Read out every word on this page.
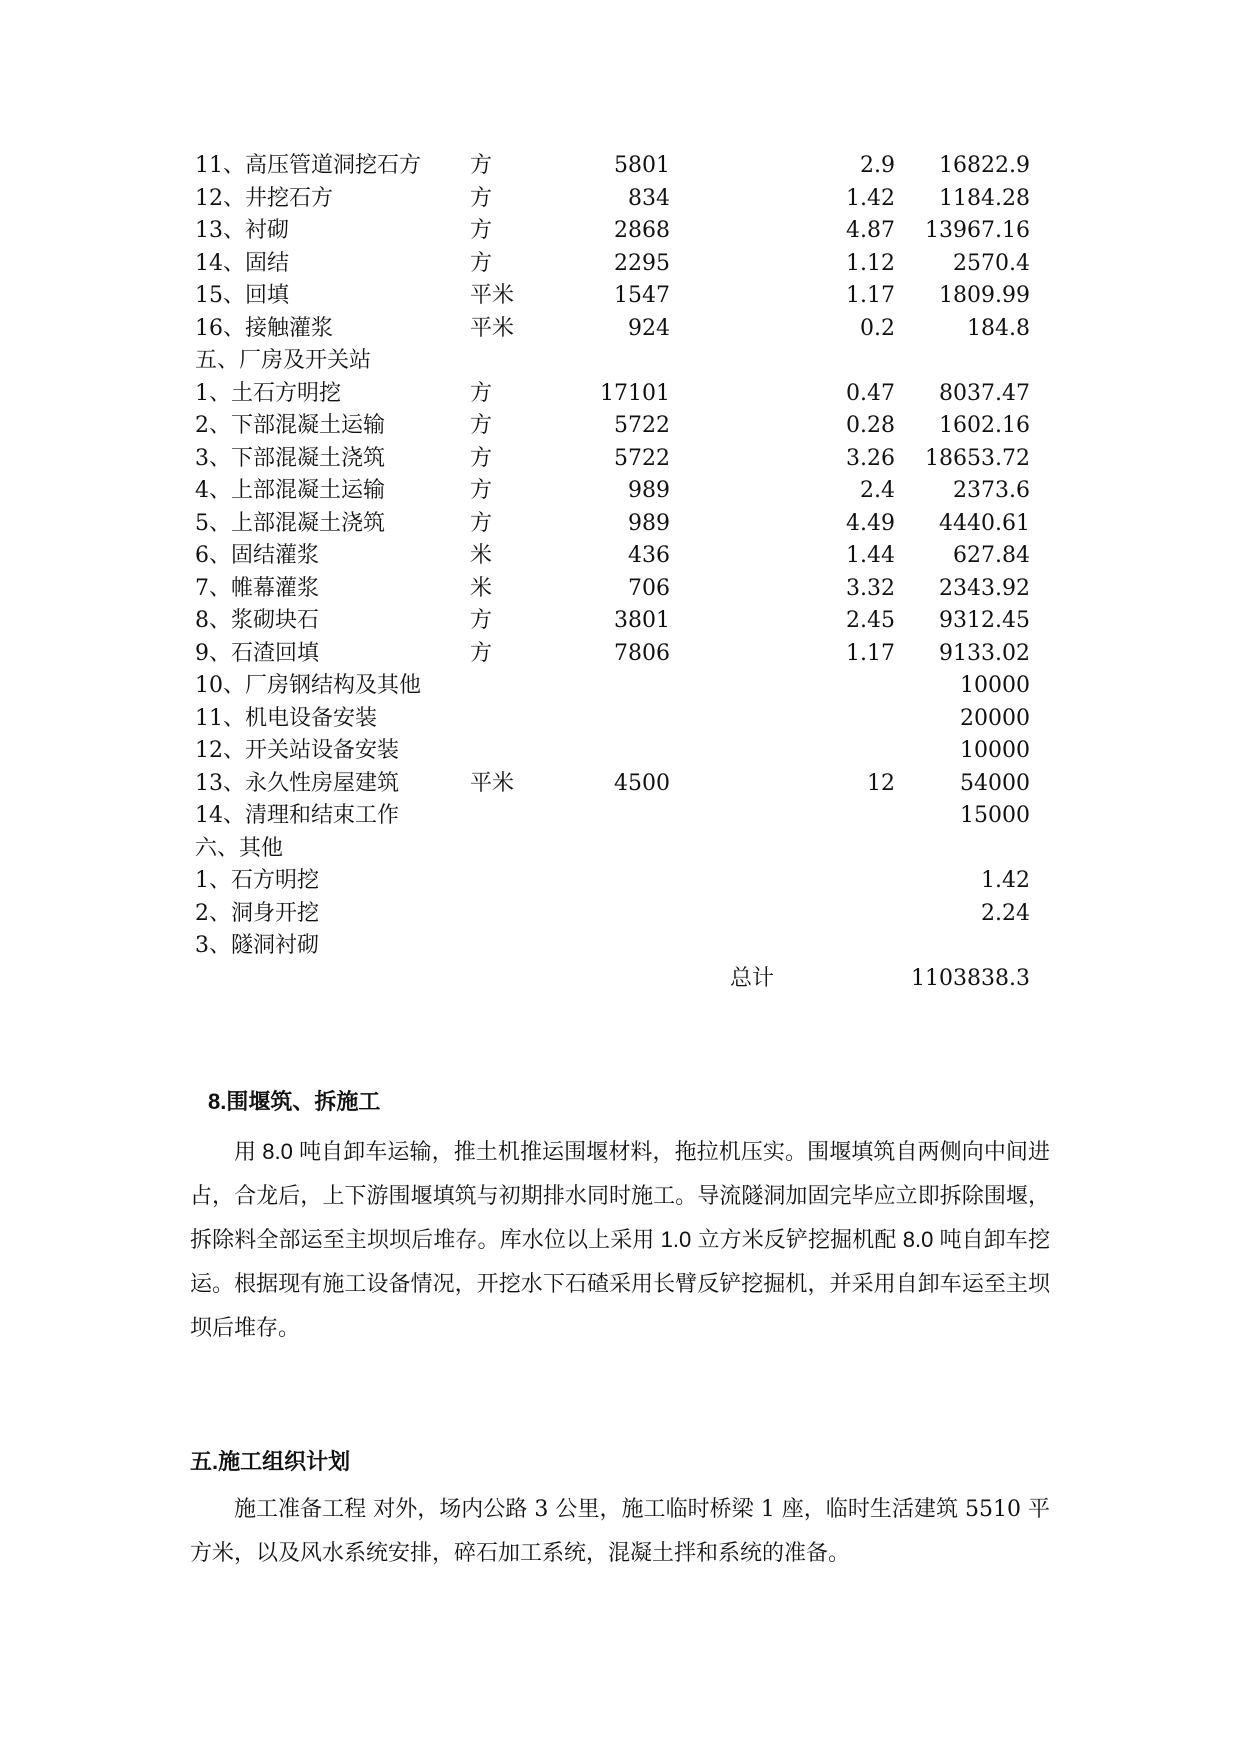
11、高压管道洞挖石方	方	5801	2.9	16822.9
12、井挖石方	方	834	1.42	1184.28
13、衬砌	方	2868	4.87	13967.16
14、固结	方	2295	1.12	2570.4
15、回填	平米	1547	1.17	1809.99
16、接触灌浆	平米	924	0.2	184.8
五、厂房及开关站				
1、土石方明挖	方	17101	0.47	8037.47
2、下部混凝土运输	方	5722	0.28	1602.16
3、下部混凝土浇筑	方	5722	3.26	18653.72
4、上部混凝土运输	方	989	2.4	2373.6
5、上部混凝土浇筑	方	989	4.49	4440.61
6、固结灌浆	米	436	1.44	627.84
7、帷幕灌浆	米	706	3.32	2343.92
8、浆砌块石	方	3801	2.45	9312.45
9、石渣回填	方	7806	1.17	9133.02
10、厂房钢结构及其他				10000
11、机电设备安装				20000
12、开关站设备安装				10000
13、永久性房屋建筑	平米	4500	12	54000
14、清理和结束工作				15000
六、其他				
1、石方明挖				1.42
2、洞身开挖				2.24
3、隧洞衬砌				
			总计	1103838.3
8.围堰筑、拆施工

用 8.0 吨自卸车运输，推土机推运围堰材料，拖拉机压实。围堰填筑自两侧向中间进占，合龙后，上下游围堰填筑与初期排水同时施工。导流隧洞加固完毕应立即拆除围堰，拆除料全部运至主坝坝后堆存。库水位以上采用 1.0 立方米反铲挖掘机配 8.0 吨自卸车挖运。根据现有施工设备情况，开挖水下石碴采用长臂反铲挖掘机，并采用自卸车运至主坝坝后堆存。

五.施工组织计划

施工准备工程 对外，场内公路 3 公里，施工临时桥梁 1 座，临时生活建筑 5510 平方米，以及风水系统安排，碎石加工系统，混凝土拌和系统的准备。
